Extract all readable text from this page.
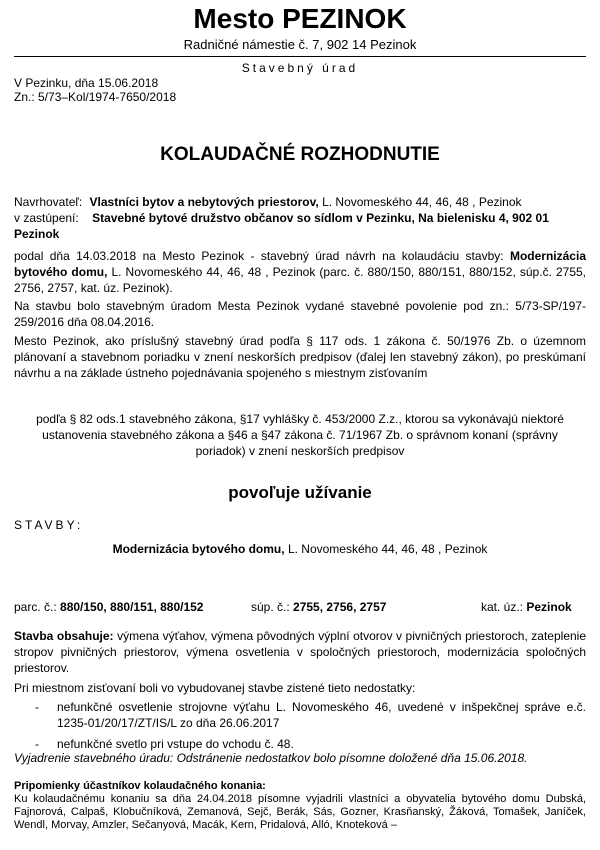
Mesto PEZINOK
Radničné námestie č. 7, 902 14 Pezinok
Stavebný úrad
V Pezinku, dňa 15.06.2018
Zn.: 5/73–Kol/1974-7650/2018
KOLAUDAČNÉ ROZHODNUTIE
Navrhovateľ: Vlastníci bytov a nebytových priestorov, L. Novomeského 44, 46, 48 , Pezinok
v zastúpení: Stavebné bytové družstvo občanov so sídlom v Pezinku, Na bielenisku 4, 902 01
Pezinok
podal dňa 14.03.2018 na Mesto Pezinok - stavebný úrad návrh na kolaudáciu stavby: Modernizácia bytového domu, L. Novomeského 44, 46, 48 , Pezinok (parc. č. 880/150, 880/151, 880/152, súp.č. 2755, 2756, 2757, kat. úz. Pezinok).
Na stavbu bolo stavebným úradom Mesta Pezinok vydané stavebné povolenie pod zn.: 5/73-SP/197-259/2016 dňa 08.04.2016.
Mesto Pezinok, ako príslušný stavebný úrad podľa § 117 ods. 1 zákona č. 50/1976 Zb. o územnom plánovaní a stavebnom poriadku v znení neskorších predpisov (ďalej len stavebný zákon), po preskúmaní návrhu a na základe ústneho pojednávania spojeného s miestnym zisťovaním
podľa § 82 ods.1 stavebného zákona, §17 vyhlášky č. 453/2000 Z.z., ktorou sa vykonávajú niektoré ustanovenia stavebného zákona a §46 a §47 zákona č. 71/1967 Zb. o správnom konaní (správny poriadok) v znení neskorších predpisov
povoľuje užívanie
STAVBY:
Modernizácia bytového domu, L. Novomeského 44, 46, 48 , Pezinok
parc. č.: 880/150, 880/151, 880/152	súp. č.: 2755, 2756, 2757	kat. úz.: Pezinok
Stavba obsahuje: výmena výťahov, výmena pôvodných výplní otvorov v pivničných priestoroch, zateplenie stropov pivničných priestorov, výmena osvetlenia v spoločných priestoroch, modernizácia spoločných priestorov.
Pri miestnom zisťovaní boli vo vybudovanej stavbe zistené tieto nedostatky:
- nefunkčné osvetlenie strojovne výťahu L. Novomeského 46, uvedené v inšpekčnej správe e.č. 1235-01/20/17/ZT/IS/L zo dňa 26.06.2017
- nefunkčné svetlo pri vstupe do vchodu č. 48.
Vyjadrenie stavebného úradu: Odstránenie nedostatkov bolo písomne doložené dňa 15.06.2018.
Pripomienky účastníkov kolaudačného konania:
Ku kolaudačnému konaniu sa dňa 24.04.2018 písomne vyjadrili vlastníci a obyvatelia bytového domu Dubská, Fajnorová, Calpaš, Klobučníková, Zemanová, Sejč, Berák, Sás, Gozner, Krasňanský, Žáková, Tomašek, Janíček, Wendl, Morvay, Amzler, Sečanyová, Macák, Kern, Pridalová, Alló, Knoteková –
